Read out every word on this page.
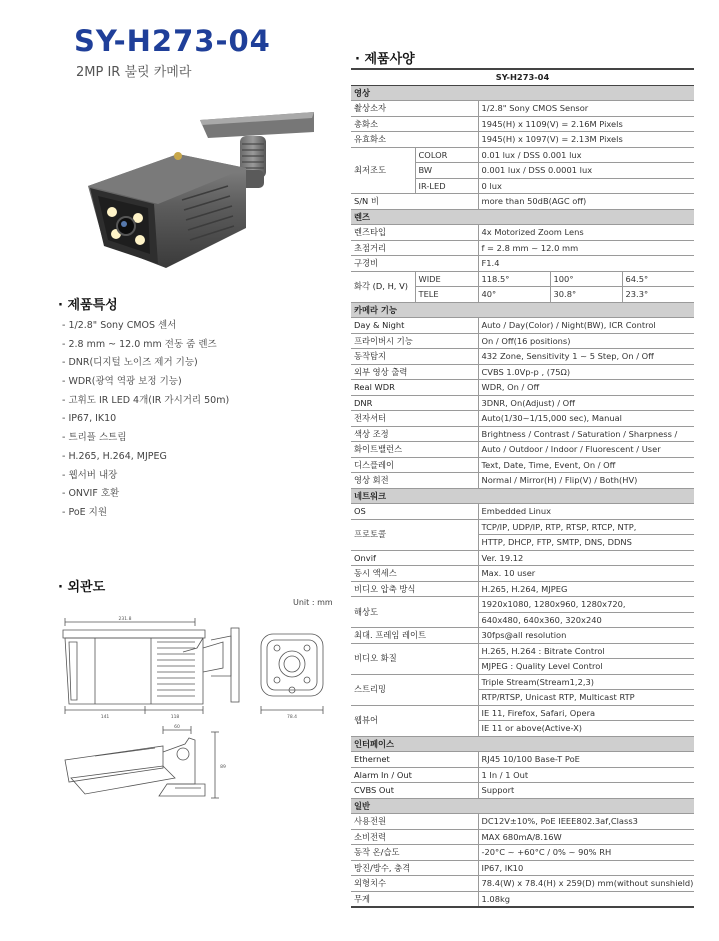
SY-H273-04
2MP IR 불릿 카메라
· 제품특성
- 1/2.8" Sony CMOS 센서
- 2.8 mm ~ 12.0 mm 전동 줌 렌즈
- DNR(디지털 노이즈 제거 기능)
- WDR(광역 역광 보정 기능)
- 고휘도 IR LED 4개(IR 가시거리 50m)
- IP67, IK10
- 트리플 스트림
- H.265, H.264, MJPEG
- 웹서버 내장
- ONVIF 호환
- PoE 지원
· 외관도
Unit : mm
231.8
141	118	78.4
60
89
· 제품사양
SY-H273-04				
영상				
촬상소자		1/2.8" Sony CMOS Sensor		
총화소		1945(H) x 1109(V) = 2.16M Pixels		
유효화소		1945(H) x 1097(V) = 2.13M Pixels		
최저조도	COLOR	0.01 lux / DSS 0.001 lux		
	BW	0.001 lux / DSS 0.0001 lux		
	IR-LED	0 lux		
S/N 비		more than 50dB(AGC off)		
렌즈				
렌즈타입		4x Motorized Zoom Lens		
초점거리		f = 2.8 mm ~ 12.0 mm		
구경비		F1.4		
화각 (D, H, V)	WIDE	118.5°	100°	64.5°
	TELE	40°	30.8°	23.3°
카메라 기능				
Day & Night		Auto / Day(Color) / Night(BW), ICR Control		
프라이버시 기능		On / Off(16 positions)		
동작탐지		432 Zone, Sensitivity 1 ~ 5 Step, On / Off		
외부 영상 출력		CVBS 1.0Vp-p , (75Ω)		
Real WDR		WDR, On / Off		
DNR		3DNR, On(Adjust) / Off		
전자셔터		Auto(1/30~1/15,000 sec), Manual		
색상 조정		Brightness / Contrast / Saturation / Sharpness /		
화이트밸런스		Auto / Outdoor / Indoor / Fluorescent / User		
디스플레이		Text, Date, Time, Event, On / Off		
영상 회전		Normal / Mirror(H) / Flip(V) / Both(HV)		
네트워크				
OS		Embedded Linux		
프로토콜		TCP/IP, UDP/IP, RTP, RTSP, RTCP, NTP,		
		HTTP, DHCP, FTP, SMTP, DNS, DDNS		
Onvif		Ver. 19.12		
동시 액세스		Max. 10 user		
비디오 압축 방식		H.265, H.264, MJPEG		
해상도		1920x1080, 1280x960, 1280x720,		
		640x480, 640x360, 320x240		
최대. 프레임 레이트		30fps@all resolution		
비디오 화질		H.265, H.264 : Bitrate Control		
		MJPEG : Quality Level Control		
스트리밍		Triple Stream(Stream1,2,3)		
		RTP/RTSP, Unicast RTP, Multicast RTP		
웹뷰어		IE 11, Firefox, Safari, Opera		
		IE 11 or above(Active-X)		
인터페이스				
Ethernet		RJ45 10/100 Base-T PoE		
Alarm In / Out		1 In / 1 Out		
CVBS Out		Support		
일반				
사용전원		DC12V±10%, PoE IEEE802.3af,Class3		
소비전력		MAX 680mA/8.16W		
동작 온/습도		-20°C ~ +60°C / 0% ~ 90% RH		
방진/방수, 충격		IP67, IK10		
외형치수		78.4(W) x 78.4(H) x 259(D) mm(without sunshield)		
무게		1.08kg		
